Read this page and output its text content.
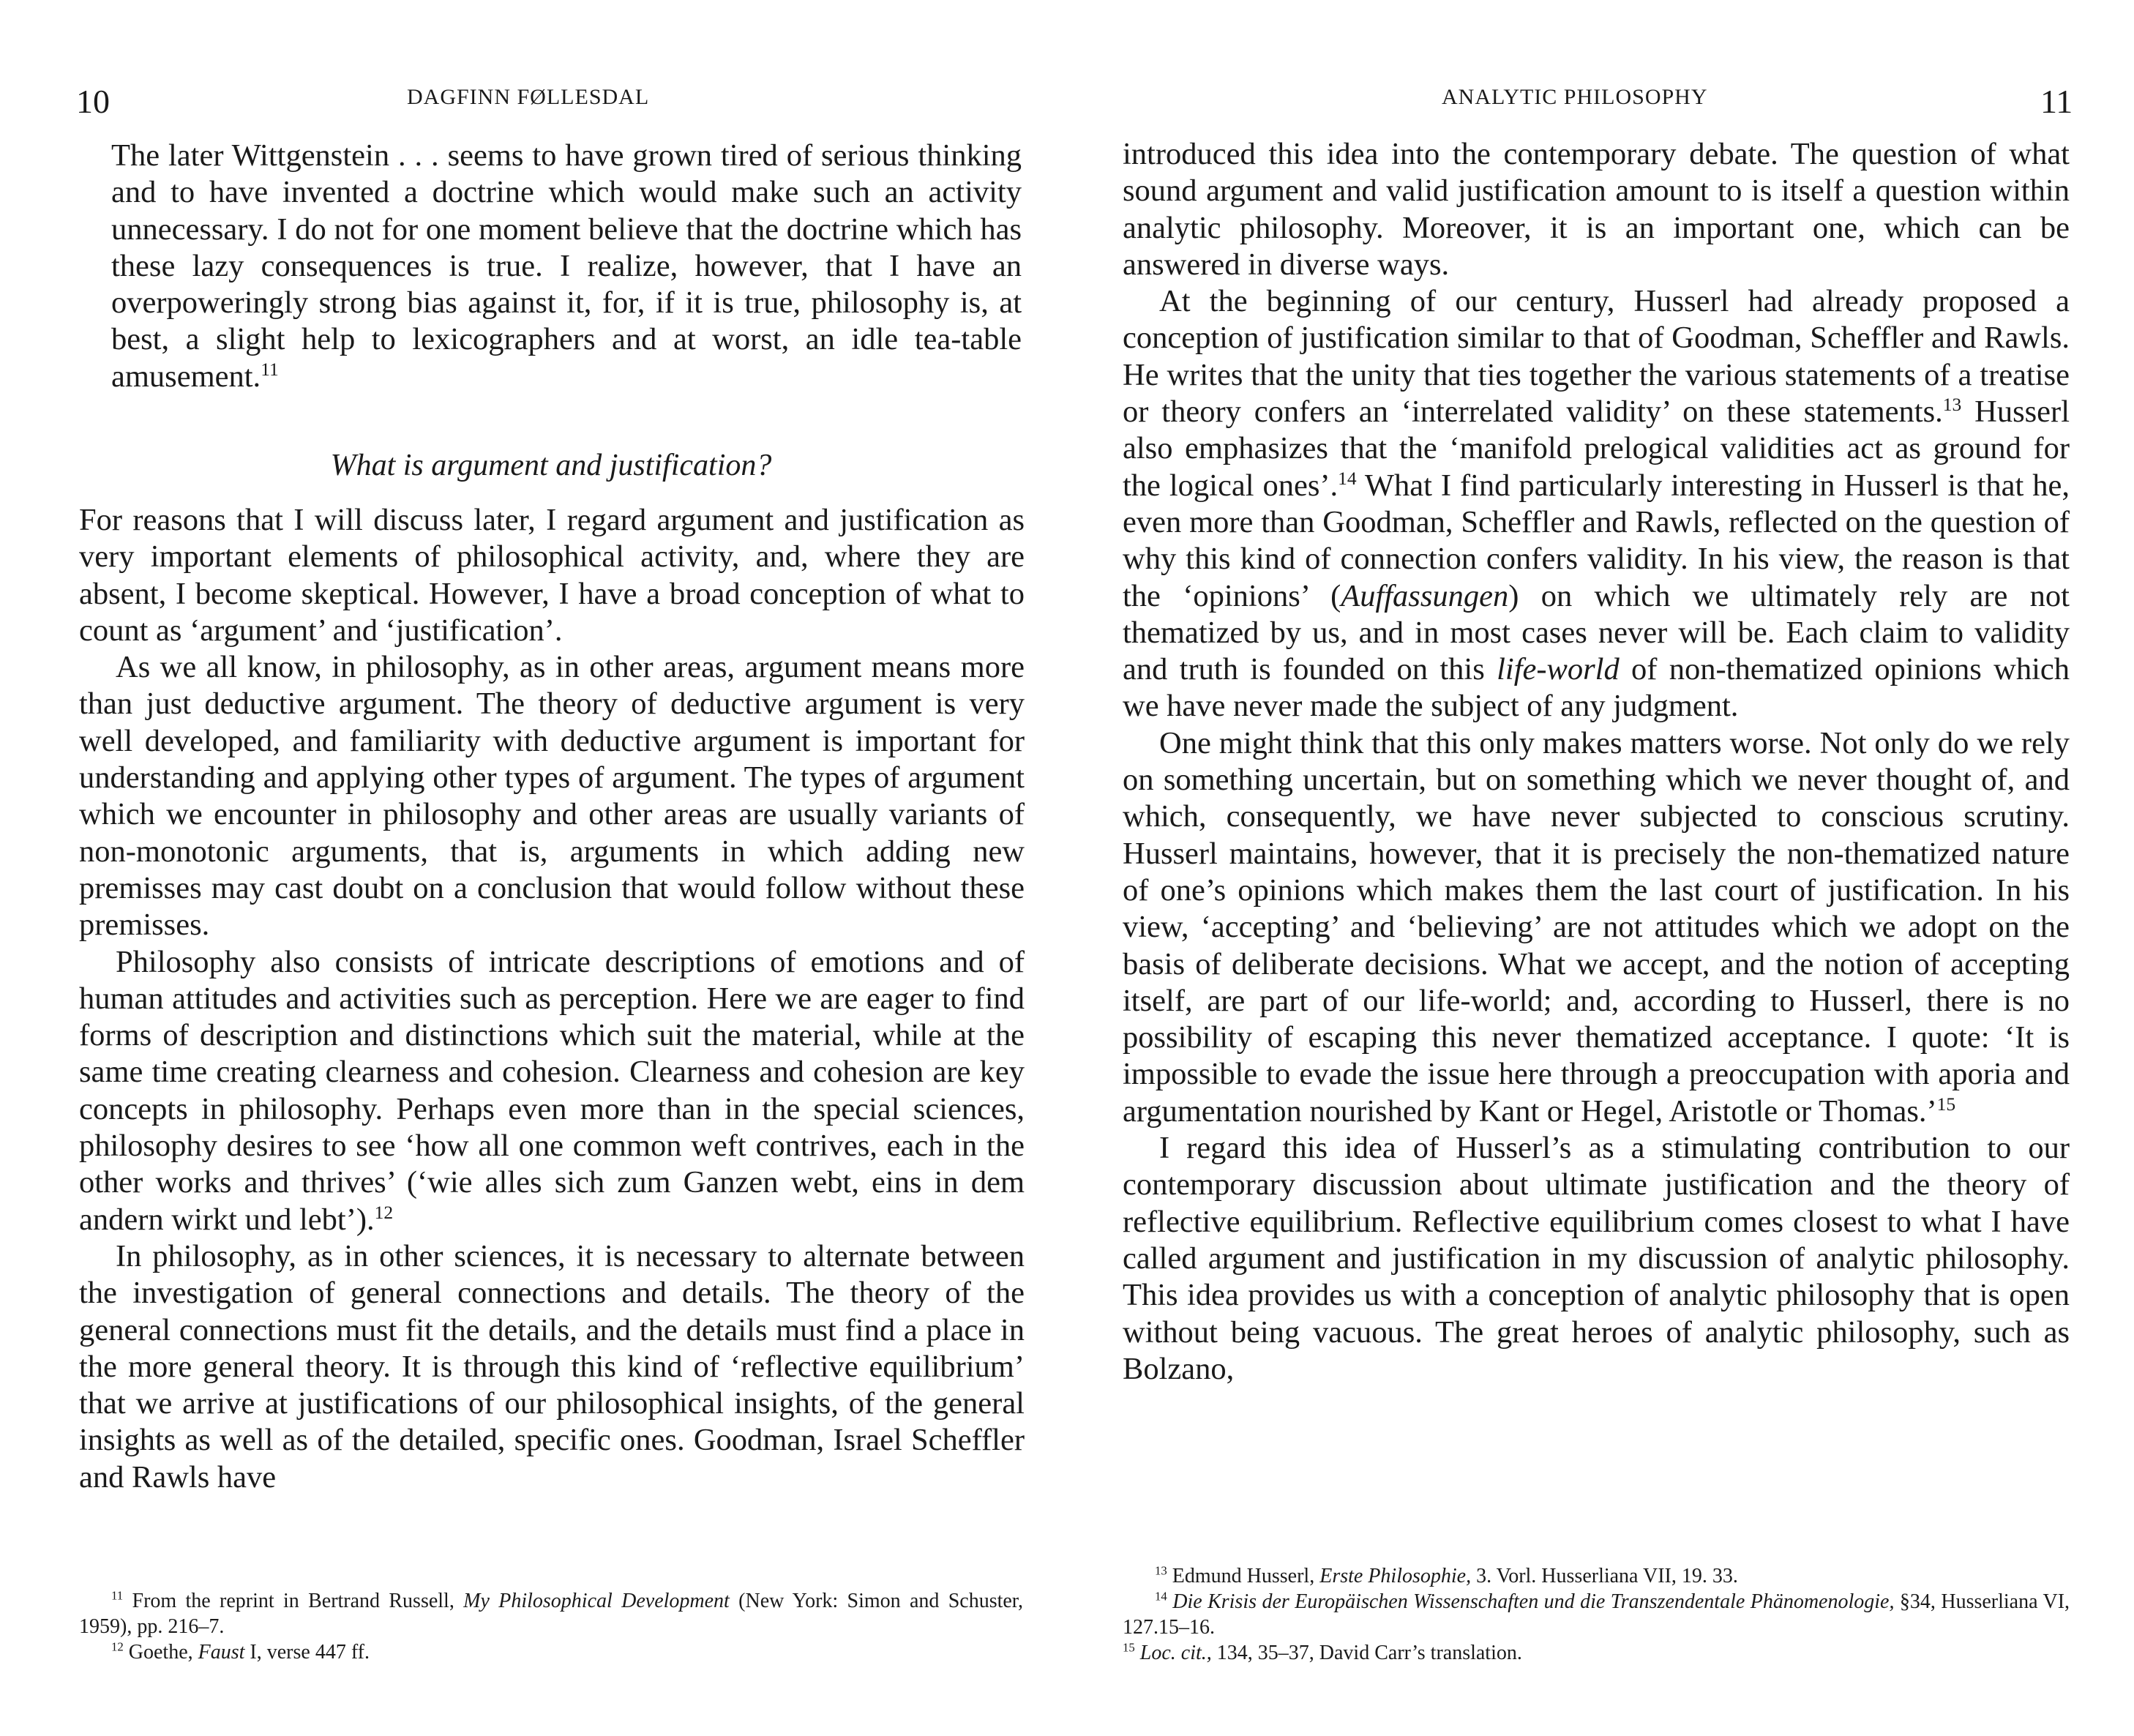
10	DAGFINN FØLLESDAL
The later Wittgenstein . . . seems to have grown tired of serious thinking and to have invented a doctrine which would make such an activity unnecessary. I do not for one moment believe that the doctrine which has these lazy consequences is true. I realize, however, that I have an overpoweringly strong bias against it, for, if it is true, philosophy is, at best, a slight help to lexicographers and at worst, an idle tea-table amusement.$^{11}$
What is argument and justification?

For reasons that I will discuss later, I regard argument and justification as very important elements of philosophical activity, and, where they are absent, I become skeptical. However, I have a broad conception of what to count as ‘argument’ and ‘justification’.

As we all know, in philosophy, as in other areas, argument means more than just deductive argument. The theory of deductive argument is very well developed, and familiarity with deductive argument is important for understanding and applying other types of argument. The types of argument which we encounter in philosophy and other areas are usually variants of non-monotonic arguments, that is, arguments in which adding new premisses may cast doubt on a conclusion that would follow without these premisses.

Philosophy also consists of intricate descriptions of emotions and of human attitudes and activities such as perception. Here we are eager to find forms of description and distinctions which suit the material, while at the same time creating clearness and cohesion. Clearness and cohesion are key concepts in philosophy. Perhaps even more than in the special sciences, philosophy desires to see ‘how all one common weft contrives, each in the other works and thrives’ (‘wie alles sich zum Ganzen webt, eins in dem andern wirkt und lebt’).$^{12}$

In philosophy, as in other sciences, it is necessary to alternate between the investigation of general connections and details. The theory of the general connections must fit the details, and the details must find a place in the more general theory. It is through this kind of ‘reflective equilibrium’ that we arrive at justifications of our philosophical insights, of the general insights as well as of the detailed, specific ones. Goodman, Israel Scheffler and Rawls have

$^{11}$ From the reprint in Bertrand Russell, My Philosophical Development (New York: Simon and Schuster, 1959), pp. 216–7.

$^{12}$ Goethe, Faust I, verse 447 ff.

ANALYTIC PHILOSOPHY	11

introduced this idea into the contemporary debate. The question of what sound argument and valid justification amount to is itself a question within analytic philosophy. Moreover, it is an important one, which can be answered in diverse ways.

At the beginning of our century, Husserl had already proposed a conception of justification similar to that of Goodman, Scheffler and Rawls. He writes that the unity that ties together the various statements of a treatise or theory confers an ‘interrelated validity’ on these statements.$^{13}$ Husserl also emphasizes that the ‘manifold prelogical validities act as ground for the logical ones’.$^{14}$ What I find particularly interesting in Husserl is that he, even more than Goodman, Scheffler and Rawls, reflected on the question of why this kind of connection confers validity. In his view, the reason is that the ‘opinions’ (Auffassungen) on which we ultimately rely are not thematized by us, and in most cases never will be. Each claim to validity and truth is founded on this life-world of non-thematized opinions which we have never made the subject of any judgment.

One might think that this only makes matters worse. Not only do we rely on something uncertain, but on something which we never thought of, and which, consequently, we have never subjected to conscious scrutiny. Husserl maintains, however, that it is precisely the non-thematized nature of one’s opinions which makes them the last court of justification. In his view, ‘accepting’ and ‘believing’ are not attitudes which we adopt on the basis of deliberate decisions. What we accept, and the notion of accepting itself, are part of our life-world; and, according to Husserl, there is no possibility of escaping this never thematized acceptance. I quote: ‘It is impossible to evade the issue here through a preoccupation with aporia and argumentation nourished by Kant or Hegel, Aristotle or Thomas.’$^{15}$

I regard this idea of Husserl’s as a stimulating contribution to our contemporary discussion about ultimate justification and the theory of reflective equilibrium. Reflective equilibrium comes closest to what I have called argument and justification in my discussion of analytic philosophy. This idea provides us with a conception of analytic philosophy that is open without being vacuous. The great heroes of analytic philosophy, such as Bolzano,

$^{13}$ Edmund Husserl, Erste Philosophie, 3. Vorl. Husserliana VII, 19. 33.

$^{14}$ Die Krisis der Europäischen Wissenschaften und die Transzendentale Phänomenologie, §34, Husserliana VI, 127.15–16.

$^{15}$ Loc. cit., 134, 35–37, David Carr’s translation.
